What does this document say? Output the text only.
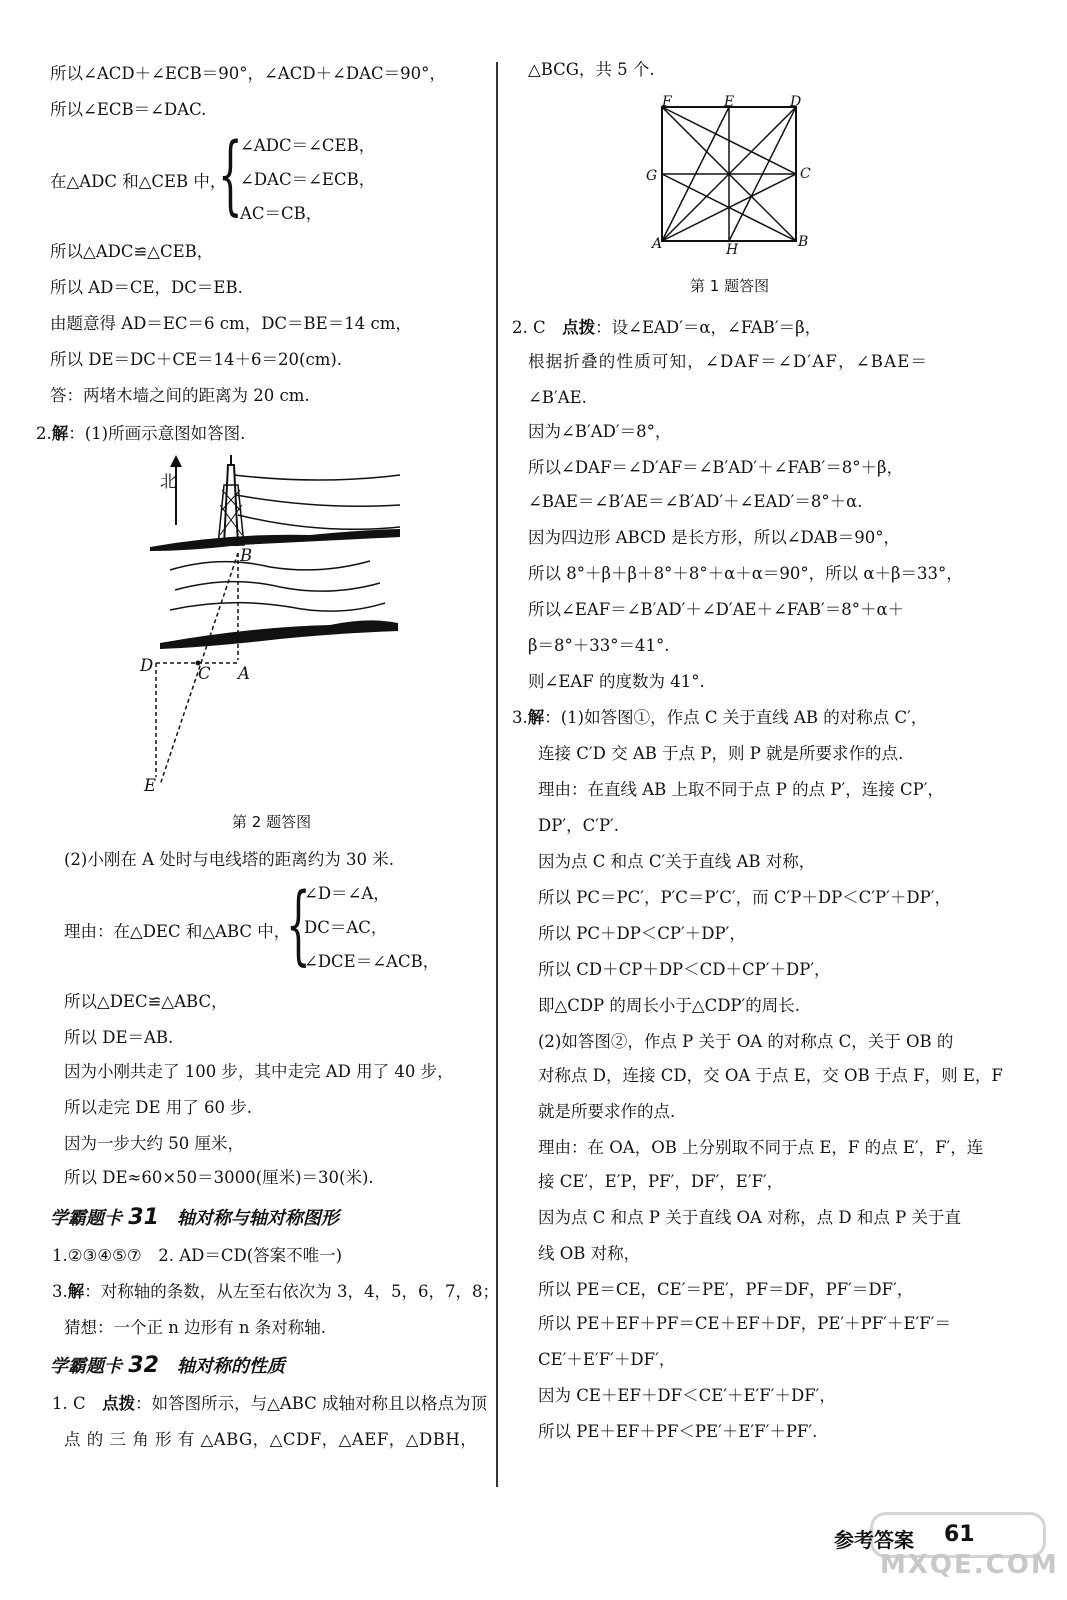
所以∠ACD＋∠ECB＝90°，∠ACD＋∠DAC＝90°，
所以∠ECB＝∠DAC.
在△ADC 和△CEB 中，
{
∠ADC＝∠CEB，
∠DAC＝∠ECB，
AC＝CB，
所以△ADC≌△CEB，
所以 AD＝CE，DC＝EB.
由题意得 AD＝EC＝6 cm，DC＝BE＝14 cm，
所以 DE＝DC＋CE＝14＋6＝20(cm).
答：两堵木墙之间的距离为 20 cm.
2.解：(1)所画示意图如答图.
北
B
D	C A
E
第 2 题答图
(2)小刚在 A 处时与电线塔的距离约为 30 米.
理由：在△DEC 和△ABC 中，
{
∠D＝∠A，
DC＝AC，
∠DCE＝∠ACB，
所以△DEC≌△ABC，
所以 DE＝AB.
因为小刚共走了 100 步，其中走完 AD 用了 40 步，
所以走完 DE 用了 60 步.
因为一步大约 50 厘米，
所以 DE≈60×50＝3000(厘米)＝30(米).
学霸题卡 31　 轴对称与轴对称图形
1.②③④⑤⑦　2. AD＝CD(答案不唯一)
3.解：对称轴的条数，从左至右依次为 3，4，5，6，7，8；
猜想：一个正 n 边形有 n 条对称轴.
学霸题卡 32　 轴对称的性质
1. C　点拨：如答图所示，与△ABC 成轴对称且以格点为顶
点 的 三 角 形 有 △ABG，△CDF，△AEF，△DBH，
△BCG，共 5 个.
F	E	D
G	C
A	H	B
第 1 题答图
2. C　点拨：设∠EAD′＝α，∠FAB′＝β，
根据折叠的性质可知，∠DAF＝∠D′AF，∠BAE＝
∠B′AE.
因为∠B′AD′＝8°，
所以∠DAF＝∠D′AF＝∠B′AD′＋∠FAB′＝8°＋β，
∠BAE＝∠B′AE＝∠B′AD′＋∠EAD′＝8°＋α.
因为四边形 ABCD 是长方形，所以∠DAB＝90°，
所以 8°＋β＋β＋8°＋8°＋α＋α＝90°，所以 α＋β＝33°，
所以∠EAF＝∠B′AD′＋∠D′AE＋∠FAB′＝8°＋α＋
β＝8°＋33°＝41°.
则∠EAF 的度数为 41°.
3.解：(1)如答图①，作点 C 关于直线 AB 的对称点 C′，
连接 C′D 交 AB 于点 P，则 P 就是所要求作的点.
理由：在直线 AB 上取不同于点 P 的点 P′，连接 CP′，
DP′，C′P′.
因为点 C 和点 C′关于直线 AB 对称，
所以 PC＝PC′，P′C＝P′C′，而 C′P＋DP＜C′P′＋DP′，
所以 PC＋DP＜CP′＋DP′，
所以 CD＋CP＋DP＜CD＋CP′＋DP′，
即△CDP 的周长小于△CDP′的周长.
(2)如答图②，作点 P 关于 OA 的对称点 C，关于 OB 的
对称点 D，连接 CD，交 OA 于点 E，交 OB 于点 F，则 E，F
就是所要求作的点.
理由：在 OA，OB 上分别取不同于点 E，F 的点 E′，F′，连
接 CE′，E′P，PF′，DF′，E′F′，
因为点 C 和点 P 关于直线 OA 对称，点 D 和点 P 关于直
线 OB 对称，
所以 PE＝CE，CE′＝PE′，PF＝DF，PF′＝DF′，
所以 PE＋EF＋PF＝CE＋EF＋DF，PE′＋PF′＋E′F′＝
CE′＋E′F′＋DF′，
因为 CE＋EF＋DF＜CE′＋E′F′＋DF′，
所以 PE＋EF＋PF＜PE′＋E′F′＋PF′.
参考答案 61
MXQE.COM
